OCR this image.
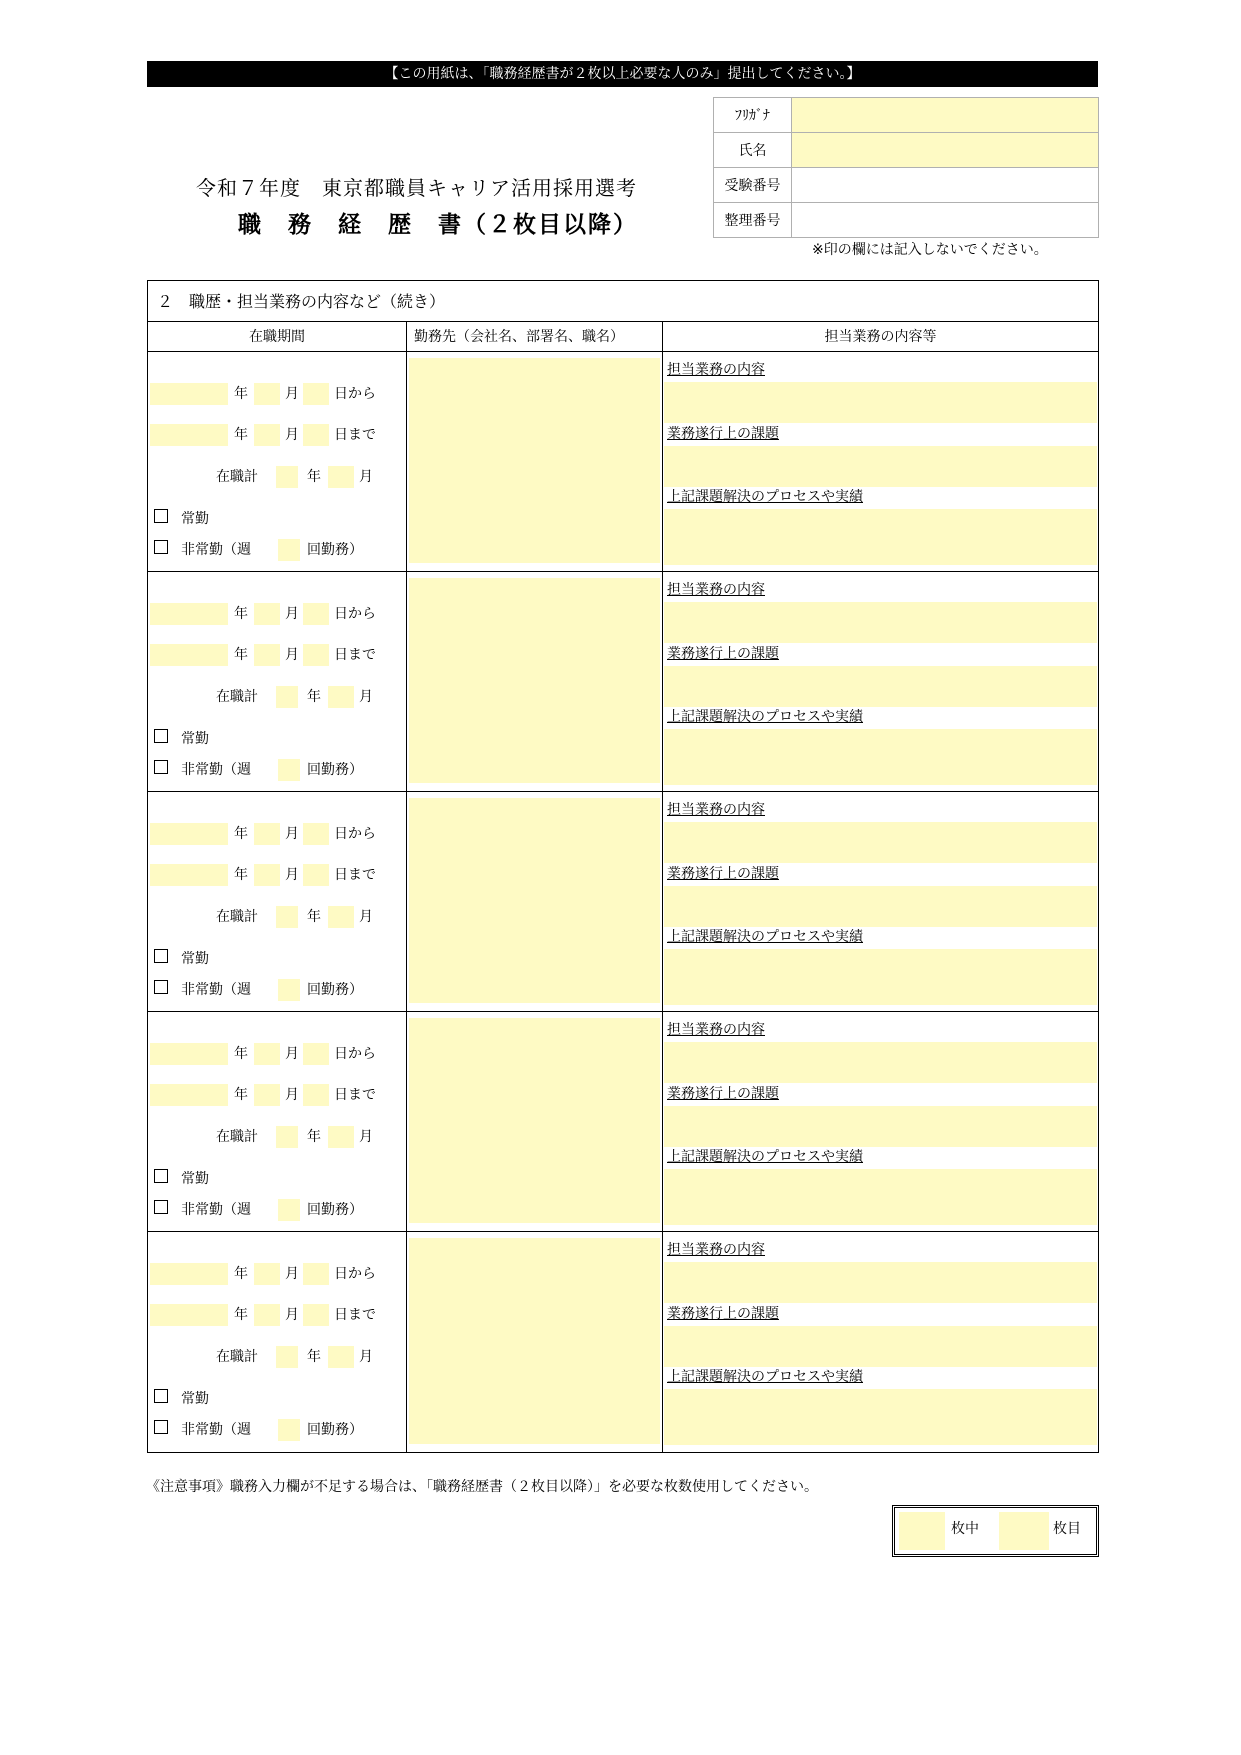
【この用紙は、「職務経歴書が２枚以上必要な人のみ」提出してください。】
令和７年度　東京都職員キャリア活用採用選考
職　務　経　歴　書（２枚目以降）
ﾌﾘｶﾞﾅ	
氏名	
受験番号	
整理番号	
※印の欄には記入しないでください。
２　職歴・担当業務の内容など（続き）
在職期間	勤務先（会社名、部署名、職名）	担当業務の内容等
年	月	日から
年	月	日まで
在職計	年	月
常勤
非常勤（週	回勤務）
担当業務の内容
業務遂行上の課題
上記課題解決のプロセスや実績
年	月	日から
年	月	日まで
在職計	年	月
常勤
非常勤（週	回勤務）
担当業務の内容
業務遂行上の課題
上記課題解決のプロセスや実績
年	月	日から
年	月	日まで
在職計	年	月
常勤
非常勤（週	回勤務）
担当業務の内容
業務遂行上の課題
上記課題解決のプロセスや実績
年	月	日から
年	月	日まで
在職計	年	月
常勤
非常勤（週	回勤務）
担当業務の内容
業務遂行上の課題
上記課題解決のプロセスや実績
年	月	日から
年	月	日まで
在職計	年	月
常勤
非常勤（週	回勤務）
担当業務の内容
業務遂行上の課題
上記課題解決のプロセスや実績
《注意事項》職務入力欄が不足する場合は、「職務経歴書（２枚目以降）」を必要な枚数使用してください。
枚中	枚目
